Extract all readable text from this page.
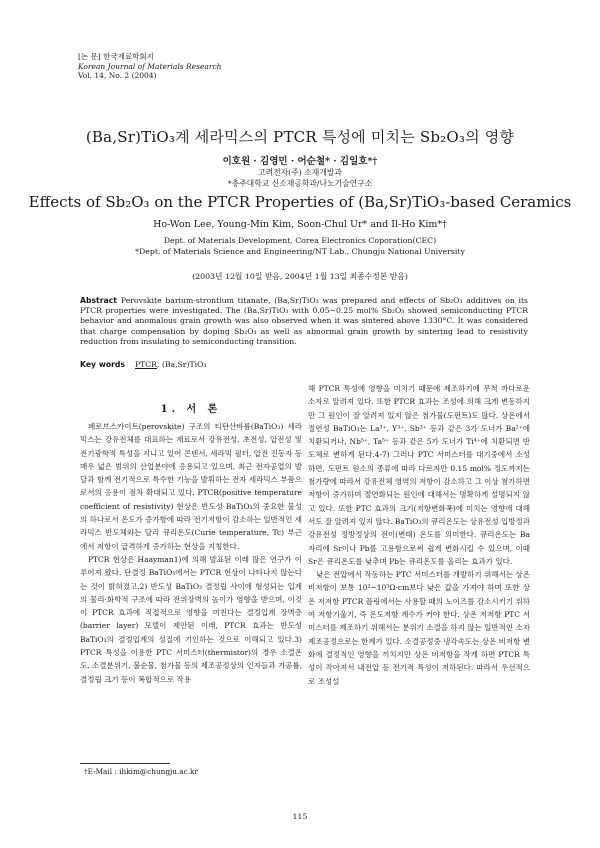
[논 문] 한국재료학회지
Korean Journal of Materials Research
Vol. 14, No. 2 (2004)
(Ba,Sr)TiO₃계 세라믹스의 PTCR 특성에 미치는 Sb₂O₃의 영향
이호원 · 김영민 · 어순철* · 김일호*†
고려전자(주) 소재개발과
*충주대학교 신소재공학과/나노기술연구소
Effects of Sb₂O₃ on the PTCR Properties of (Ba,Sr)TiO₃-based Ceramics
Ho-Won Lee, Young-Min Kim, Soon-Chul Ur* and Il-Ho Kim*†
Dept. of Materials Development, Corea Electronics Coporation(CEC)
*Dept. of Materials Science and Engineering/NT Lab., Chungju National University
(2003년 12월 10일 받음, 2004년 1월 13일 최종수정본 받음)
Abstract Perovskite barium-strontium titanate, (Ba,Sr)TiO₃ was prepared and effects of Sb₂O₃ additives on its PTCR properties were investigated. The (Ba,Sr)TiO₃ with 0.05~0.25 mol% Sb₂O₃ showed semiconducting PTCR behavior and anomalous grain growth was also observed when it was sintered above 1330°C. It was considered that charge compensation by doping Sb₂O₃ as well as abnormal grain growth by sintering lead to resistivity reduction from insulating to semiconducting transition.
Key words PTCR, (Ba,Sr)TiO₃
1. 서 론

페로브스카이트(perovskite) 구조의 티탄산바륨(BaTiO₃) 세라믹스는 강유전체를 대표하는 재료로서 강유전성, 초전성, 압전성 및 전기광학적 특성을 지니고 있어 콘덴서, 세라믹 필터, 압전 진동자 등 매우 넓은 범위의 산업분야에 응용되고 있으며, 최근 전자공업의 발달과 함께 전기적으로 특수한 기능을 발휘하는 전자 세라믹스 부품으로서의 응용이 점차 확대되고 있다. PTCR(positive temperature coefficient of resistivity) 현상은 반도성 BaTiO₃의 중요한 물성의 하나로서 온도가 증가함에 따라 전기저항이 감소하는 일반적인 세라믹스 반도체와는 달리 큐리온도(Curie temperature, Tc) 부근에서 저항이 급격하게 증가하는 현상을 지칭한다.

PTCR 현상은 Haayman1)에 의해 발표된 이래 많은 연구가 이루어져 왔다. 단결정 BaTiO₃에서는 PTCR 현상이 나타나지 않는다는 것이 밝혀졌고,2) 반도성 BaTiO₃ 결정립 사이에 형성되는 입계의 물리·화학적 구조에 따라 전위장벽의 높이가 영향을 받으며, 이것이 PTCR 효과에 직접적으로 영향을 미친다는 결정입계 장벽층(barrier layer) 모델이 제안된 이래, PTCR 효과는 반도성 BaTiO₃의 결정입계의 성질에 기인하는 것으로 이해되고 있다.3) PTCR 특성을 이용한 PTC 서미스터(thermistor)의 경우 소결온도, 소결분위기, 불순물, 첨가물 등의 제조공정상의 인자들과 기공률, 결정립 크기 등이 복합적으로 작용

해 PTCR 특성에 영향을 미치기 때문에 제조하기에 무척 까다로운 소자로 알려져 있다. 또한 PTCR 효과는 조성에 의해 크게 변동하지만 그 원인이 잘 알려져 있지 않은 첨가물(도펀트)도 많다. 상온에서 절연성 BaTiO₃는 La³⁺, Y³⁺, Sb³⁺ 등과 같은 3가 도너가 Ba²⁺에 치환되거나, Nb⁵⁺, Ta⁵⁺ 등과 같은 5가 도너가 Ti⁴⁺에 치환되면 반도체로 변하게 된다.4-7) 그러나 PTC 서미스터를 대기중에서 소성하면, 도펀트 원소의 종류에 따라 다르지만 0.15 mol% 정도까지는 첨가량에 따라서 강유전체 영역의 저항이 감소하고 그 이상 첨가하면 저항이 증가하며 절연화되는 원인에 대해서는 명확하게 설명되지 않고 있다. 또한 PTC 효과의 크기(저항변화폭)에 미치는 영향에 대해서도 잘 알려져 있지 않다. BaTiO₃의 큐리온도는 상유전성 입방정과 강유전성 정방정상의 전이(변태) 온도를 의미한다. 큐리온도는 Ba 자리에 Sr이나 Pb를 고용함으로써 쉽게 변화시킬 수 있으며, 이때 Sr은 큐리온도를 낮추며 Pb는 큐리온도를 올리는 효과가 있다.

낮은 전압에서 작동하는 PTC 서미스터를 개발하기 위해서는 상온 비저항이 보통 10²~10³Ω·cm보다 낮은 값을 가져야 하며 또한 상온 저저항 PTCR 플링에서는 사용할 때의 노이즈를 감소시키기 위하여 저항기울기, 즉 온도저항 계수가 커야 한다. 상온 저저항 PTC 서미스터를 제조하기 위해서는 분위기 소결을 하지 않는 일반적인 소자 제조공정으로는 한계가 있다. 소결공정중 냉각속도는 상온 비저항 변화에 결정적인 영향을 끼치지만 상온 비저항을 작게 하면 PTCR 특성이 작아져서 내전압 등 전기적 특성이 저하된다. 따라서 우선적으로 조성설

†E-Mail : ihkim@chungju.ac.kr
115
